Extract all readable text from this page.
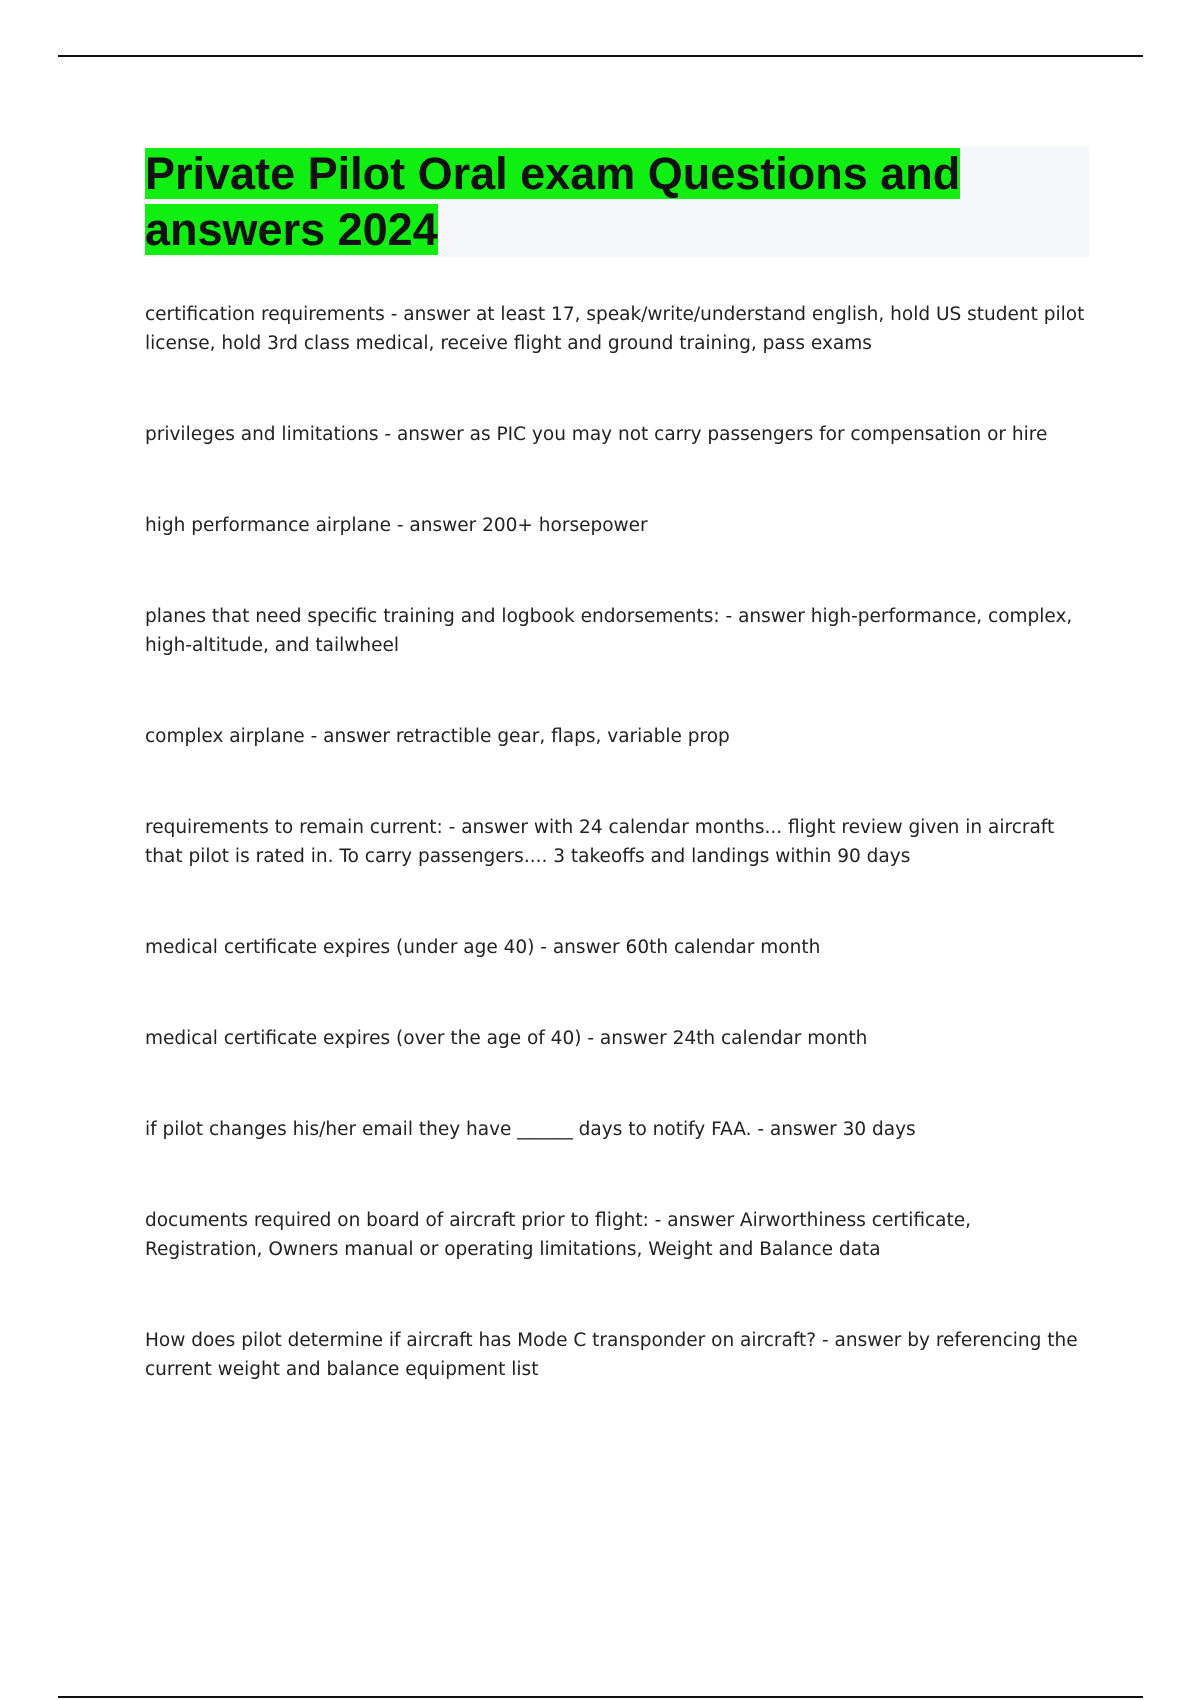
Private Pilot Oral exam Questions and answers 2024
certification requirements - answer at least 17, speak/write/understand english, hold US student pilot license, hold 3rd class medical, receive flight and ground training, pass exams
privileges and limitations - answer as PIC you may not carry passengers for compensation or hire
high performance airplane - answer 200+ horsepower
planes that need specific training and logbook endorsements: - answer high-performance, complex, high-altitude, and tailwheel
complex airplane - answer retractible gear, flaps, variable prop
requirements to remain current: - answer with 24 calendar months... flight review given in aircraft that pilot is rated in. To carry passengers.... 3 takeoffs and landings within 90 days
medical certificate expires (under age 40) - answer 60th calendar month
medical certificate expires (over the age of 40) - answer 24th calendar month
if pilot changes his/her email they have ______ days to notify FAA. - answer 30 days
documents required on board of aircraft prior to flight: - answer Airworthiness certificate, Registration, Owners manual or operating limitations, Weight and Balance data
How does pilot determine if aircraft has Mode C transponder on aircraft? - answer by referencing the current weight and balance equipment list
